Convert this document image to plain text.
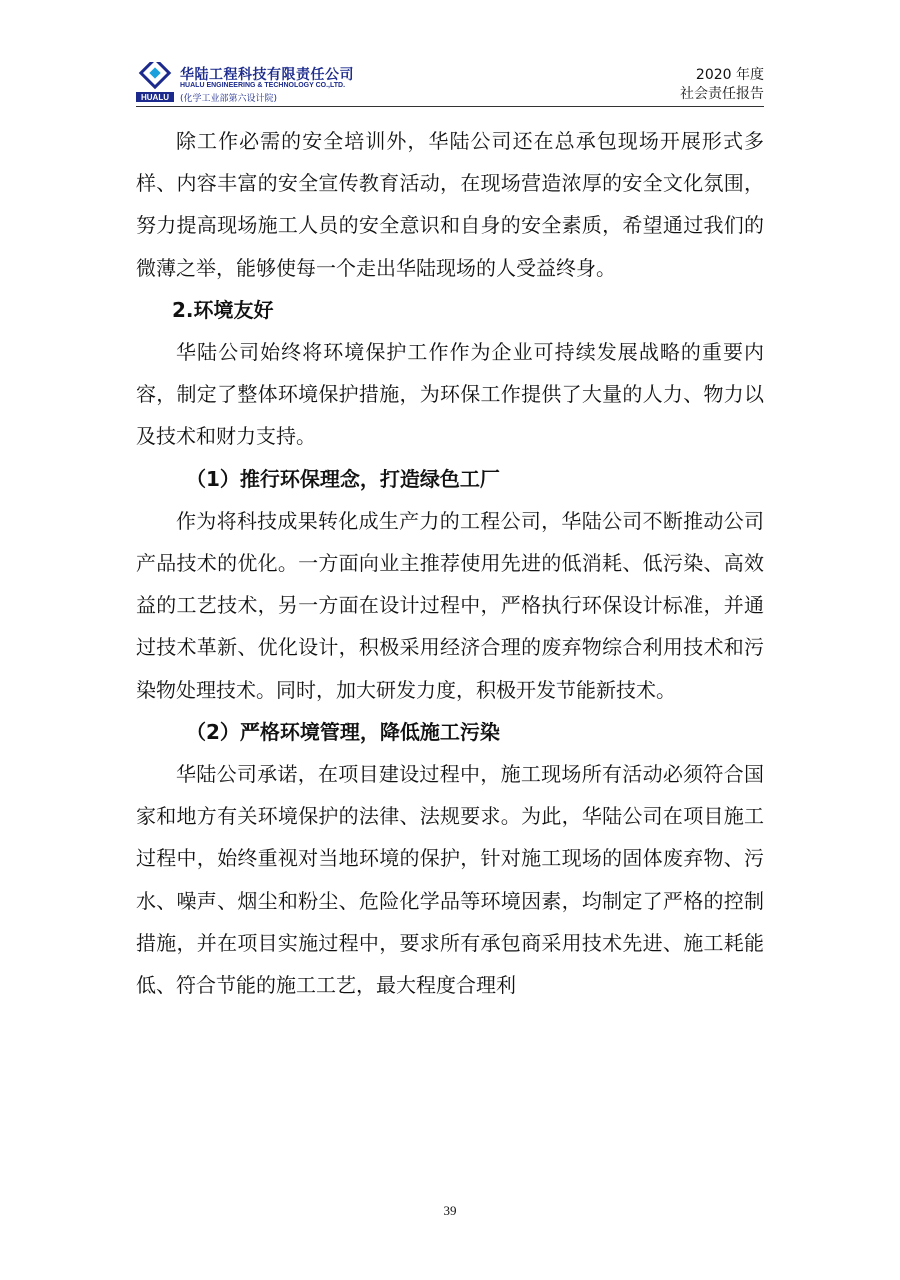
HUALU
华陆工程科技有限责任公司
HUALU ENGINEERING & TECHNOLOGY CO.,LTD.
(化学工业部第六设计院)
2020 年度
社会责任报告

除工作必需的安全培训外，华陆公司还在总承包现场开展形式多样、内容丰富的安全宣传教育活动，在现场营造浓厚的安全文化氛围，努力提高现场施工人员的安全意识和自身的安全素质，希望通过我们的微薄之举，能够使每一个走出华陆现场的人受益终身。

2.环境友好

华陆公司始终将环境保护工作作为企业可持续发展战略的重要内容，制定了整体环境保护措施，为环保工作提供了大量的人力、物力以及技术和财力支持。

（1）推行环保理念，打造绿色工厂

作为将科技成果转化成生产力的工程公司，华陆公司不断推动公司产品技术的优化。一方面向业主推荐使用先进的低消耗、低污染、高效益的工艺技术，另一方面在设计过程中，严格执行环保设计标准，并通过技术革新、优化设计，积极采用经济合理的废弃物综合利用技术和污染物处理技术。同时，加大研发力度，积极开发节能新技术。

（2）严格环境管理，降低施工污染

华陆公司承诺，在项目建设过程中，施工现场所有活动必须符合国家和地方有关环境保护的法律、法规要求。为此，华陆公司在项目施工过程中，始终重视对当地环境的保护，针对施工现场的固体废弃物、污水、噪声、烟尘和粉尘、危险化学品等环境因素，均制定了严格的控制措施，并在项目实施过程中，要求所有承包商采用技术先进、施工耗能低、符合节能的施工工艺，最大程度合理利

39
